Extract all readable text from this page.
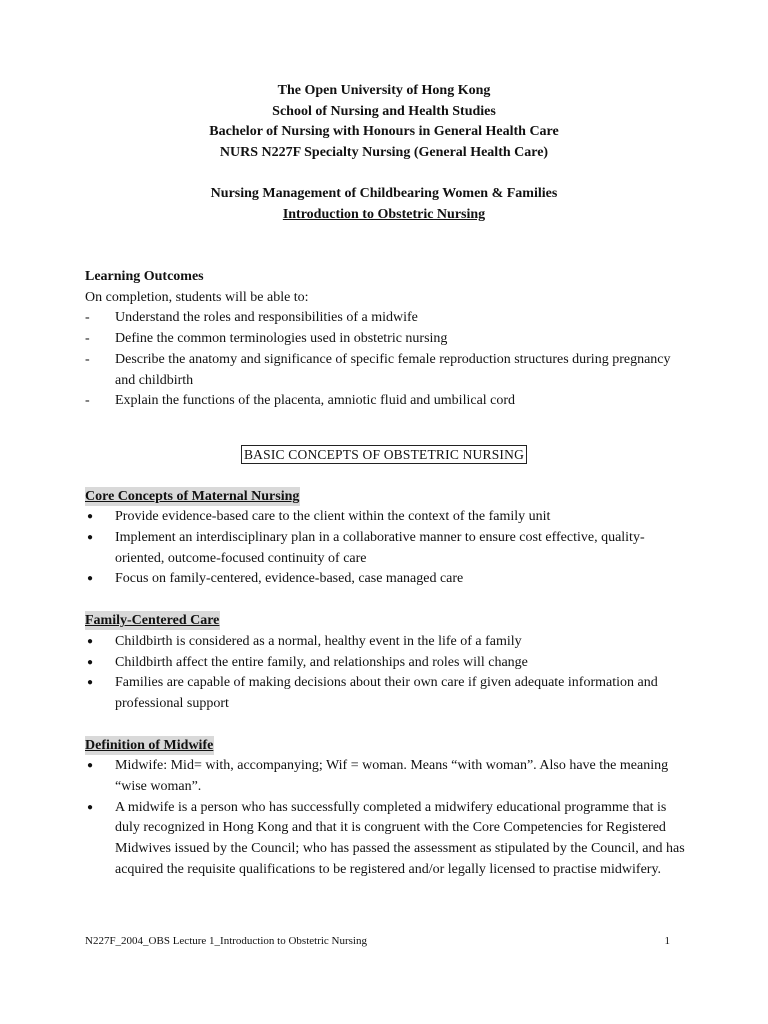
The Open University of Hong Kong
School of Nursing and Health Studies
Bachelor of Nursing with Honours in General Health Care
NURS N227F Specialty Nursing (General Health Care)
Nursing Management of Childbearing Women & Families
Introduction to Obstetric Nursing
Learning Outcomes
On completion, students will be able to:
- Understand the roles and responsibilities of a midwife
- Define the common terminologies used in obstetric nursing
- Describe the anatomy and significance of specific female reproduction structures during pregnancy and childbirth
- Explain the functions of the placenta, amniotic fluid and umbilical cord
BASIC CONCEPTS OF OBSTETRIC NURSING
Core Concepts of Maternal Nursing
● Provide evidence-based care to the client within the context of the family unit
● Implement an interdisciplinary plan in a collaborative manner to ensure cost effective, quality-oriented, outcome-focused continuity of care
● Focus on family-centered, evidence-based, case managed care
Family-Centered Care
● Childbirth is considered as a normal, healthy event in the life of a family
● Childbirth affect the entire family, and relationships and roles will change
● Families are capable of making decisions about their own care if given adequate information and professional support
Definition of Midwife
● Midwife: Mid= with, accompanying; Wif = woman. Means “with woman”. Also have the meaning “wise woman”.
● A midwife is a person who has successfully completed a midwifery educational programme that is duly recognized in Hong Kong and that it is congruent with the Core Competencies for Registered Midwives issued by the Council; who has passed the assessment as stipulated by the Council, and has acquired the requisite qualifications to be registered and/or legally licensed to practise midwifery.
N227F_2004_OBS Lecture 1_Introduction to Obstetric Nursing	1
